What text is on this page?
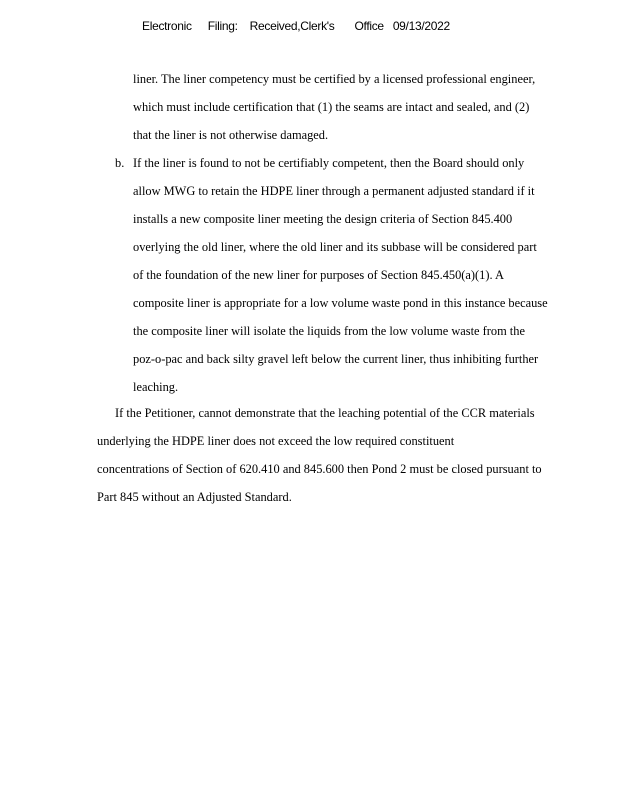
Electronic Filing: Received,Clerk's Office 09/13/2022
liner. The liner competency must be certified by a licensed professional engineer,
which must include certification that (1) the seams are intact and sealed, and (2)
that the liner is not otherwise damaged.
b. If the liner is found to not be certifiably competent, then the Board should only
allow MWG to retain the HDPE liner through a permanent adjusted standard if it
installs a new composite liner meeting the design criteria of Section 845.400
overlying the old liner, where the old liner and its subbase will be considered part
of the foundation of the new liner for purposes of Section 845.450(a)(1). A
composite liner is appropriate for a low volume waste pond in this instance because
the composite liner will isolate the liquids from the low volume waste from the
poz-o-pac and back silty gravel left below the current liner, thus inhibiting further
leaching.
If the Petitioner, cannot demonstrate that the leaching potential of the CCR materials
underlying the HDPE liner does not exceed the low required constituent
concentrations of Section of 620.410 and 845.600 then Pond 2 must be closed pursuant to
Part 845 without an Adjusted Standard.
